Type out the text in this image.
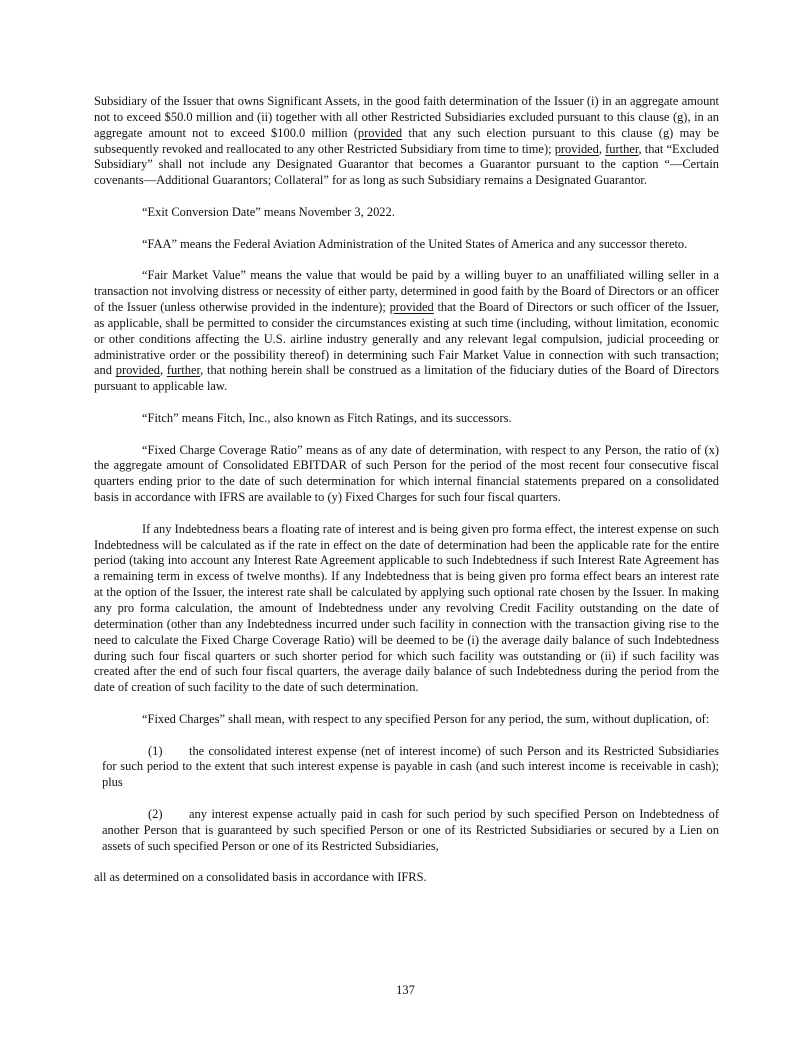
Subsidiary of the Issuer that owns Significant Assets, in the good faith determination of the Issuer (i) in an aggregate amount not to exceed $50.0 million and (ii) together with all other Restricted Subsidiaries excluded pursuant to this clause (g), in an aggregate amount not to exceed $100.0 million (provided that any such election pursuant to this clause (g) may be subsequently revoked and reallocated to any other Restricted Subsidiary from time to time); provided, further, that “Excluded Subsidiary” shall not include any Designated Guarantor that becomes a Guarantor pursuant to the caption “—Certain covenants—Additional Guarantors; Collateral” for as long as such Subsidiary remains a Designated Guarantor.

“Exit Conversion Date” means November 3, 2022.

“FAA” means the Federal Aviation Administration of the United States of America and any successor thereto.

“Fair Market Value” means the value that would be paid by a willing buyer to an unaffiliated willing seller in a transaction not involving distress or necessity of either party, determined in good faith by the Board of Directors or an officer of the Issuer (unless otherwise provided in the indenture); provided that the Board of Directors or such officer of the Issuer, as applicable, shall be permitted to consider the circumstances existing at such time (including, without limitation, economic or other conditions affecting the U.S. airline industry generally and any relevant legal compulsion, judicial proceeding or administrative order or the possibility thereof) in determining such Fair Market Value in connection with such transaction; and provided, further, that nothing herein shall be construed as a limitation of the fiduciary duties of the Board of Directors pursuant to applicable law.

“Fitch” means Fitch, Inc., also known as Fitch Ratings, and its successors.

“Fixed Charge Coverage Ratio” means as of any date of determination, with respect to any Person, the ratio of (x) the aggregate amount of Consolidated EBITDAR of such Person for the period of the most recent four consecutive fiscal quarters ending prior to the date of such determination for which internal financial statements prepared on a consolidated basis in accordance with IFRS are available to (y) Fixed Charges for such four fiscal quarters.

If any Indebtedness bears a floating rate of interest and is being given pro forma effect, the interest expense on such Indebtedness will be calculated as if the rate in effect on the date of determination had been the applicable rate for the entire period (taking into account any Interest Rate Agreement applicable to such Indebtedness if such Interest Rate Agreement has a remaining term in excess of twelve months). If any Indebtedness that is being given pro forma effect bears an interest rate at the option of the Issuer, the interest rate shall be calculated by applying such optional rate chosen by the Issuer. In making any pro forma calculation, the amount of Indebtedness under any revolving Credit Facility outstanding on the date of determination (other than any Indebtedness incurred under such facility in connection with the transaction giving rise to the need to calculate the Fixed Charge Coverage Ratio) will be deemed to be (i) the average daily balance of such Indebtedness during such four fiscal quarters or such shorter period for which such facility was outstanding or (ii) if such facility was created after the end of such four fiscal quarters, the average daily balance of such Indebtedness during the period from the date of creation of such facility to the date of such determination.

“Fixed Charges” shall mean, with respect to any specified Person for any period, the sum, without duplication, of:

(1) the consolidated interest expense (net of interest income) of such Person and its Restricted Subsidiaries for such period to the extent that such interest expense is payable in cash (and such interest income is receivable in cash); plus

(2) any interest expense actually paid in cash for such period by such specified Person on Indebtedness of another Person that is guaranteed by such specified Person or one of its Restricted Subsidiaries or secured by a Lien on assets of such specified Person or one of its Restricted Subsidiaries,

all as determined on a consolidated basis in accordance with IFRS.

137
